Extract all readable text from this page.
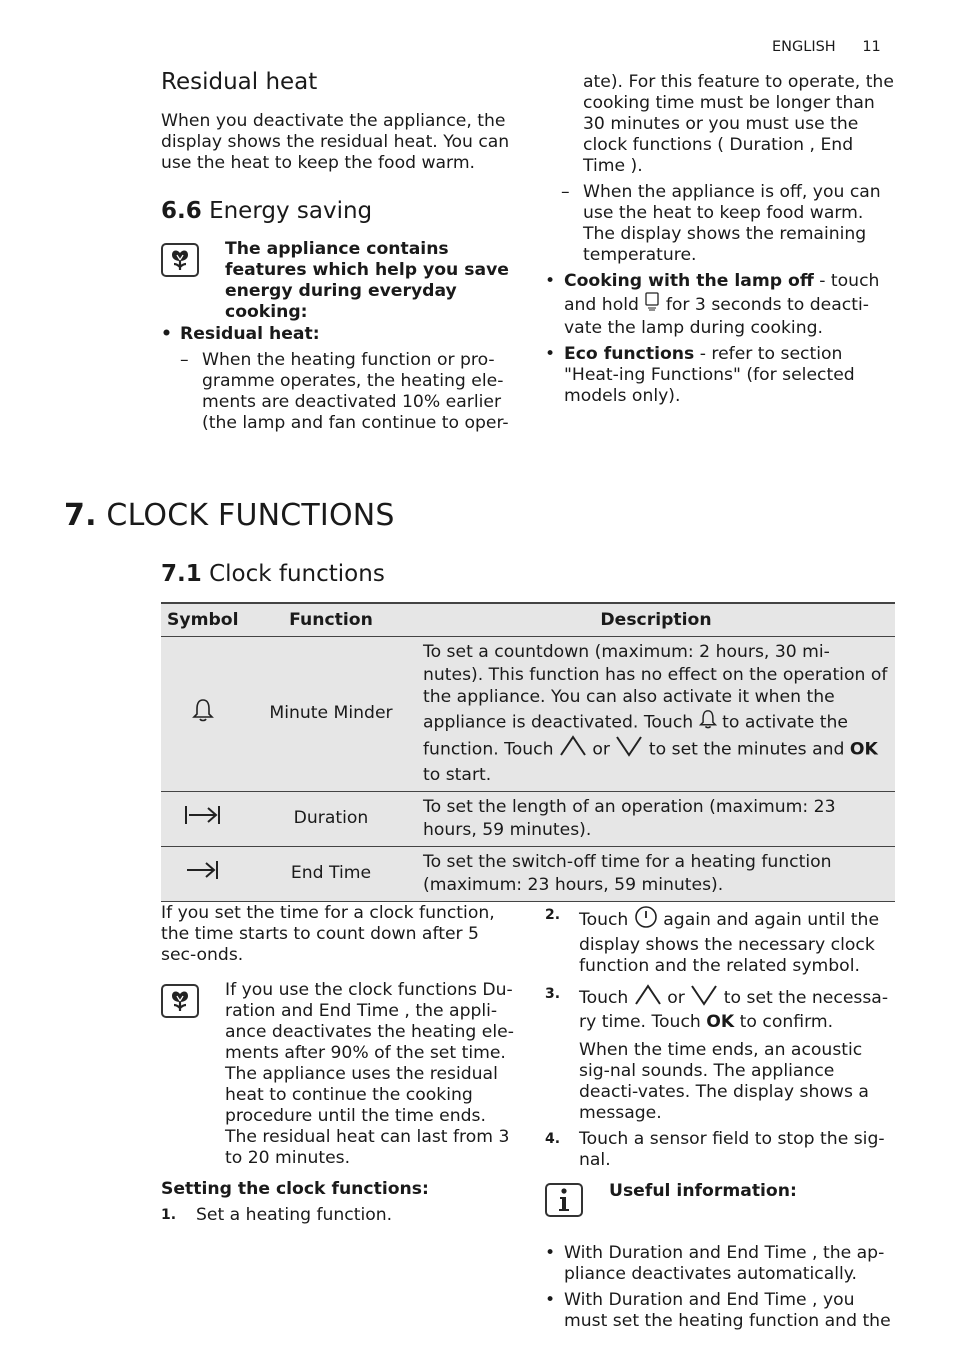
ENGLISH 11
Residual heat

When you deactivate the appliance, the display shows the residual heat. You can use the heat to keep the food warm.

6.6 Energy saving

The appliance contains features which help you save energy during everyday cooking:

• Residual heat:
– When the heating function or pro-gramme operates, the heating ele-ments are deactivated 10% earlier (the lamp and fan continue to oper-
ate). For this feature to operate, the cooking time must be longer than 30 minutes or you must use the clock functions ( Duration , End Time ).
– When the appliance is off, you can use the heat to keep food warm. The display shows the remaining temperature.
• Cooking with the lamp off - touch and hold  for 3 seconds to deacti-vate the lamp during cooking.
• Eco functions - refer to section "Heat-ing Functions" (for selected models only).
7. CLOCK FUNCTIONS
7.1 Clock functions
Symbol	Function	Description
	Minute Minder	To set a countdown (maximum: 2 hours, 30 mi-nutes). This function has no effect on the operation of the appliance. You can also activate it when the appliance is deactivated. Touch  to activate the function. Touch  or  to set the minutes and OK to start.
	Duration	To set the length of an operation (maximum: 23 hours, 59 minutes).
	End Time	To set the switch-off time for a heating function (maximum: 23 hours, 59 minutes).

If you set the time for a clock function, the time starts to count down after 5 sec-onds.

If you use the clock functions Du-ration and End Time , the appli-ance deactivates the heating ele-ments after 90% of the set time. The appliance uses the residual heat to continue the cooking procedure until the time ends. The residual heat can last from 3 to 20 minutes.

Setting the clock functions:

1. Set a heating function.
2. Touch  again and again until the display shows the necessary clock function and the related symbol.
3. Touch  or  to set the necessa-ry time. Touch OK to confirm.

When the time ends, an acoustic sig-nal sounds. The appliance deacti-vates. The display shows a message.

4. Touch a sensor field to stop the sig-nal.

Useful information:

• With Duration and End Time , the ap-pliance deactivates automatically.
• With Duration and End Time , you must set the heating function and the
